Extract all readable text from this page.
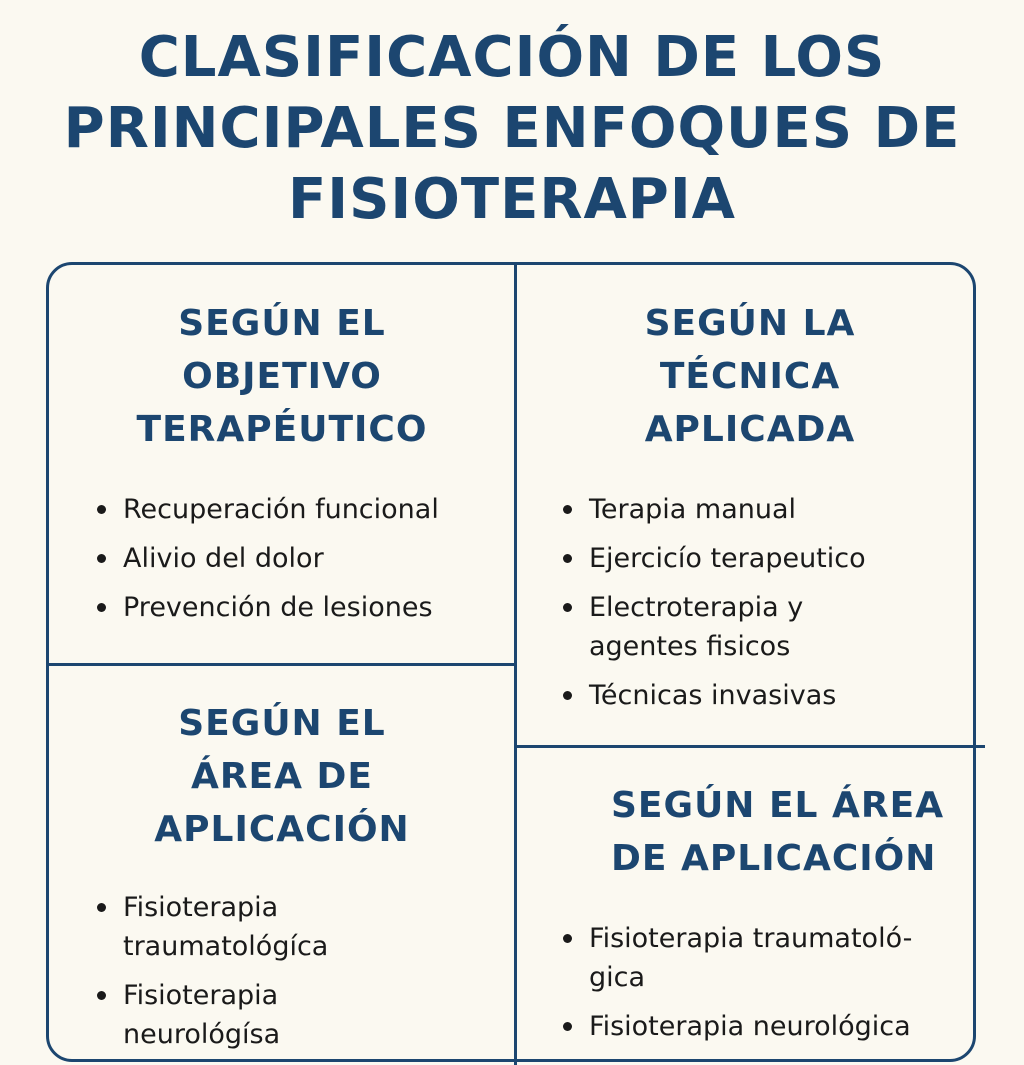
CLASIFICACIÓN DE LOS
PRINCIPALES ENFOQUES DE
FISIOTERAPIA
SEGÚN EL
OBJETIVO
TERAPÉUTICO
Recuperación funcional
Alivio del dolor
Prevención de lesiones
SEGÚN LA
TÉCNICA
APLICADA
Terapia manual
Ejercicío terapeutico
Electroterapia y
agentes fisicos
Técnicas invasivas
SEGÚN EL
ÁREA DE
APLICACIÓN
Fisioterapia
traumatológíca
Fisioterapia
neurológísa
SEGÚN EL ÁREA
DE APLICACIÓN
Fisioterapia traumatoló-
gica
Fisioterapia neurológica
